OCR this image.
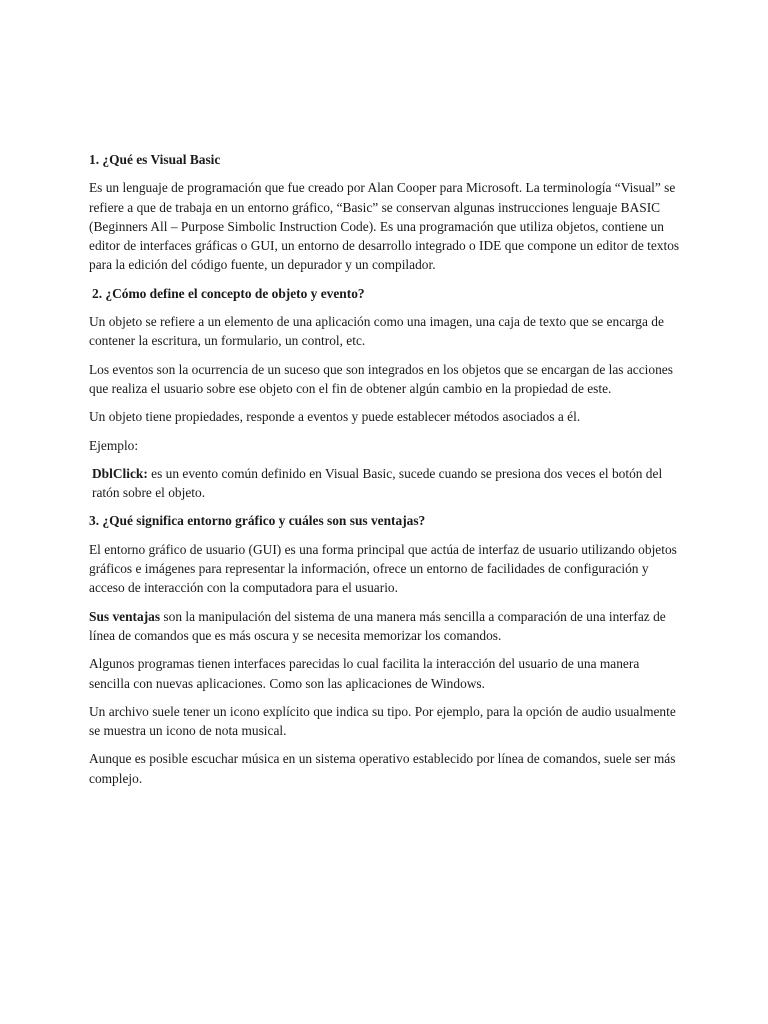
1. ¿Qué es Visual Basic
Es un lenguaje de programación que fue creado por Alan Cooper para Microsoft. La terminología “Visual” se refiere a que de trabaja en un entorno gráfico, “Basic” se conservan algunas instrucciones lenguaje BASIC (Beginners All – Purpose Simbolic Instruction Code). Es una programación que utiliza objetos, contiene un editor de interfaces gráficas o GUI, un entorno de desarrollo integrado o IDE que compone un editor de textos para la edición del código fuente, un depurador y un compilador.
2. ¿Cómo define el concepto de objeto y evento?
Un objeto se refiere a un elemento de una aplicación como una imagen, una caja de texto que se encarga de contener la escritura, un formulario, un control, etc.
Los eventos son la ocurrencia de un suceso que son integrados en los objetos que se encargan de las acciones que realiza el usuario sobre ese objeto con el fin de obtener algún cambio en la propiedad de este.
Un objeto tiene propiedades, responde a eventos y puede establecer métodos asociados a él.
Ejemplo:
DblClick: es un evento común definido en Visual Basic, sucede cuando se presiona dos veces el botón del ratón sobre el objeto.
3. ¿Qué significa entorno gráfico y cuáles son sus ventajas?
El entorno gráfico de usuario (GUI) es una forma principal que actúa de interfaz de usuario utilizando objetos gráficos e imágenes para representar la información, ofrece un entorno de facilidades de configuración y acceso de interacción con la computadora para el usuario.
Sus ventajas son la manipulación del sistema de una manera más sencilla a comparación de una interfaz de línea de comandos que es más oscura y se necesita memorizar los comandos.
Algunos programas tienen interfaces parecidas lo cual facilita la interacción del usuario de una manera sencilla con nuevas aplicaciones. Como son las aplicaciones de Windows.
Un archivo suele tener un icono explícito que indica su tipo. Por ejemplo, para la opción de audio usualmente se muestra un icono de nota musical.
Aunque es posible escuchar música en un sistema operativo establecido por línea de comandos, suele ser más complejo.
